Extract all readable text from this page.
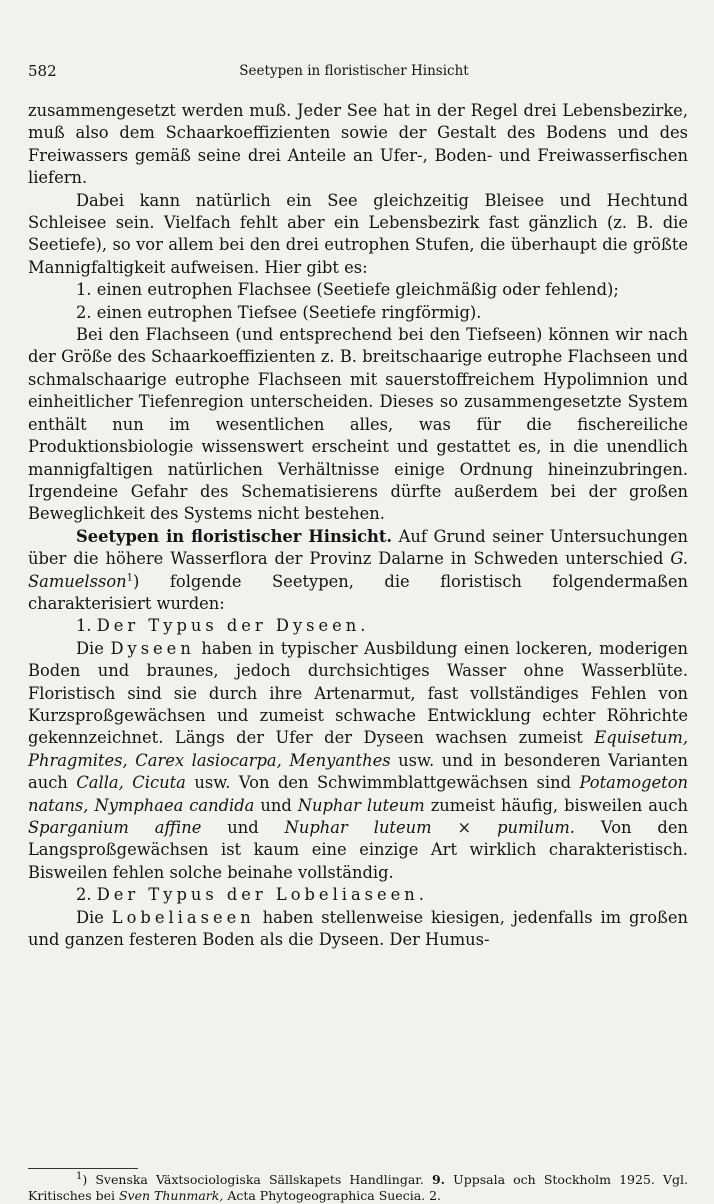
582	Seetypen in floristischer Hinsicht

zusammengesetzt werden muß. Jeder See hat in der Regel drei Lebensbezirke, muß also dem Schaarkoeffizienten sowie der Gestalt des Bodens und des Freiwassers gemäß seine drei Anteile an Ufer-, Boden- und Freiwasserfischen liefern.

Dabei kann natürlich ein See gleichzeitig Bleisee und Hechtund Schleisee sein. Vielfach fehlt aber ein Lebensbezirk fast gänzlich (z. B. die Seetiefe), so vor allem bei den drei eutrophen Stufen, die überhaupt die größte Mannigfaltigkeit aufweisen. Hier gibt es:

1. einen eutrophen Flachsee (Seetiefe gleichmäßig oder fehlend);

2. einen eutrophen Tiefsee (Seetiefe ringförmig).

Bei den Flachseen (und entsprechend bei den Tiefseen) können wir nach der Größe des Schaarkoeffizienten z. B. breitschaarige eutrophe Flachseen und schmalschaarige eutrophe Flachseen mit sauerstoffreichem Hypolimnion und einheitlicher Tiefenregion unterscheiden. Dieses so zusammengesetzte System enthält nun im wesentlichen alles, was für die fischereiliche Produktionsbiologie wissenswert erscheint und gestattet es, in die unendlich mannigfaltigen natürlichen Verhältnisse einige Ordnung hineinzubringen. Irgendeine Gefahr des Schematisierens dürfte außerdem bei der großen Beweglichkeit des Systems nicht bestehen.

Seetypen in floristischer Hinsicht. Auf Grund seiner Untersuchungen über die höhere Wasserflora der Provinz Dalarne in Schweden unterschied G. Samuelsson$^1$) folgende Seetypen, die floristisch folgendermaßen charakterisiert wurden:

1. Der Typus der Dyseen.

Die Dyseen haben in typischer Ausbildung einen lockeren, moderigen Boden und braunes, jedoch durchsichtiges Wasser ohne Wasserblüte. Floristisch sind sie durch ihre Artenarmut, fast vollständiges Fehlen von Kurzsproßgewächsen und zumeist schwache Entwicklung echter Röhrichte gekennzeichnet. Längs der Ufer der Dyseen wachsen zumeist Equisetum, Phragmites, Carex lasiocarpa, Menyanthes usw. und in besonderen Varianten auch Calla, Cicuta usw. Von den Schwimmblattgewächsen sind Potamogeton natans, Nymphaea candida und Nuphar luteum zumeist häufig, bisweilen auch Sparganium affine und Nuphar luteum × pumilum. Von den Langsproßgewächsen ist kaum eine einzige Art wirklich charakteristisch. Bisweilen fehlen solche beinahe vollständig.

2. Der Typus der Lobeliaseen.

Die Lobeliaseen haben stellenweise kiesigen, jedenfalls im großen und ganzen festeren Boden als die Dyseen. Der Humus-

$^1$) Svenska Växtsociologiska Sällskapets Handlingar. 9. Uppsala och Stockholm 1925. Vgl. Kritisches bei Sven Thunmark, Acta Phytogeographica Suecia. 2.
